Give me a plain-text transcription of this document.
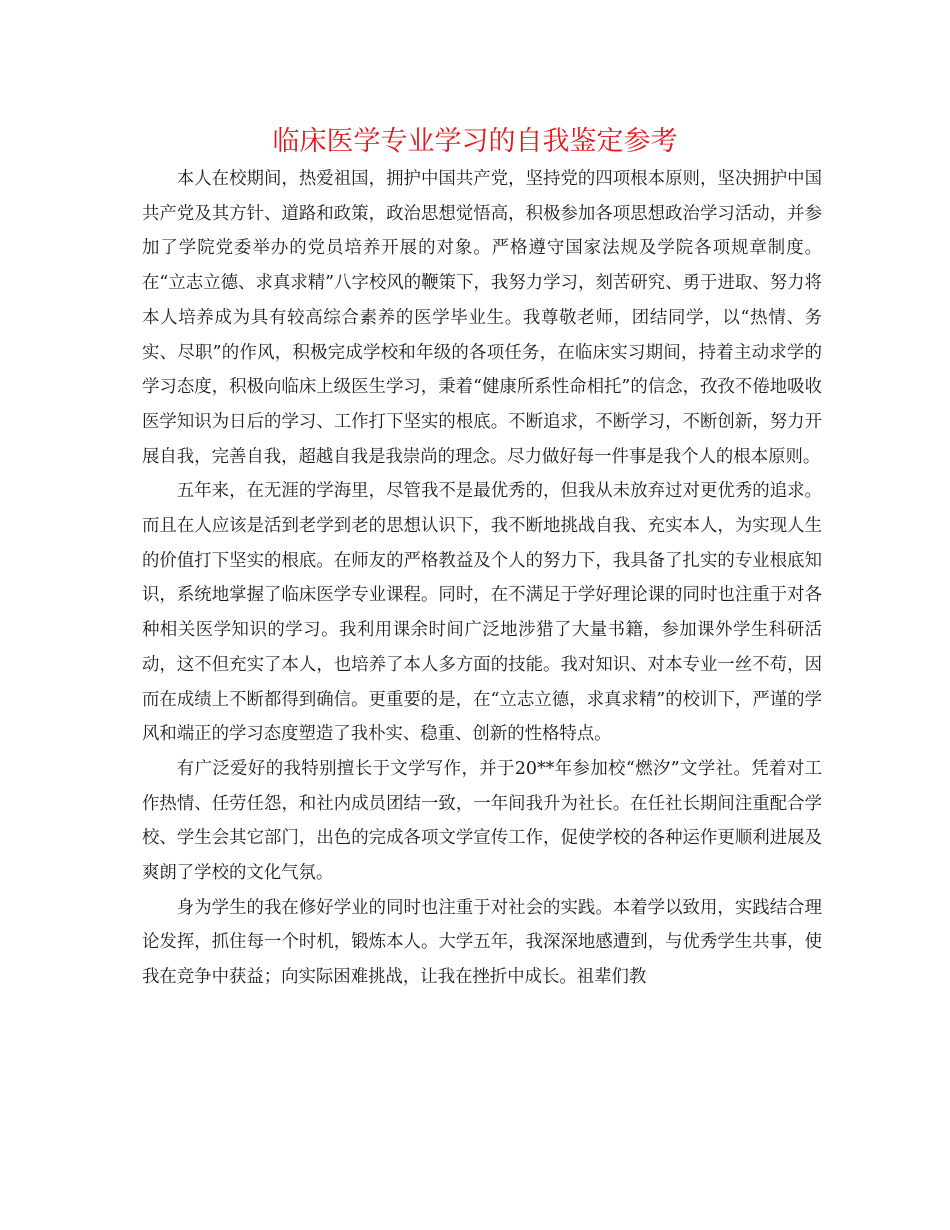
临床医学专业学习的自我鉴定参考

本人在校期间，热爱祖国，拥护中国共产党，坚持党的四项根本原则，坚决拥护中国共产党及其方针、道路和政策，政治思想觉悟高，积极参加各项思想政治学习活动，并参加了学院党委举办的党员培养开展的对象。严格遵守国家法规及学院各项规章制度。在“立志立德、求真求精”八字校风的鞭策下，我努力学习，刻苦研究、勇于进取、努力将本人培养成为具有较高综合素养的医学毕业生。我尊敬老师，团结同学，以“热情、务实、尽职”的作风，积极完成学校和年级的各项任务，在临床实习期间，持着主动求学的学习态度，积极向临床上级医生学习，秉着“健康所系性命相托”的信念，孜孜不倦地吸收医学知识为日后的学习、工作打下坚实的根底。不断追求，不断学习，不断创新，努力开展自我，完善自我，超越自我是我崇尚的理念。尽力做好每一件事是我个人的根本原则。

五年来，在无涯的学海里，尽管我不是最优秀的，但我从未放弃过对更优秀的追求。而且在人应该是活到老学到老的思想认识下，我不断地挑战自我、充实本人，为实现人生的价值打下坚实的根底。在师友的严格教益及个人的努力下，我具备了扎实的专业根底知识，系统地掌握了临床医学专业课程。同时，在不满足于学好理论课的同时也注重于对各种相关医学知识的学习。我利用课余时间广泛地涉猎了大量书籍，参加课外学生科研活动，这不但充实了本人，也培养了本人多方面的技能。我对知识、对本专业一丝不苟，因而在成绩上不断都得到确信。更重要的是，在“立志立德，求真求精”的校训下，严谨的学风和端正的学习态度塑造了我朴实、稳重、创新的性格特点。

有广泛爱好的我特别擅长于文学写作，并于20**年参加校“燃汐”文学社。凭着对工作热情、任劳任怨，和社内成员团结一致，一年间我升为社长。在任社长期间注重配合学校、学生会其它部门，出色的完成各项文学宣传工作，促使学校的各种运作更顺利进展及爽朗了学校的文化气氛。

身为学生的我在修好学业的同时也注重于对社会的实践。本着学以致用，实践结合理论发挥，抓住每一个时机，锻炼本人。大学五年，我深深地感遭到，与优秀学生共事，使我在竞争中获益；向实际困难挑战，让我在挫折中成长。祖辈们教
